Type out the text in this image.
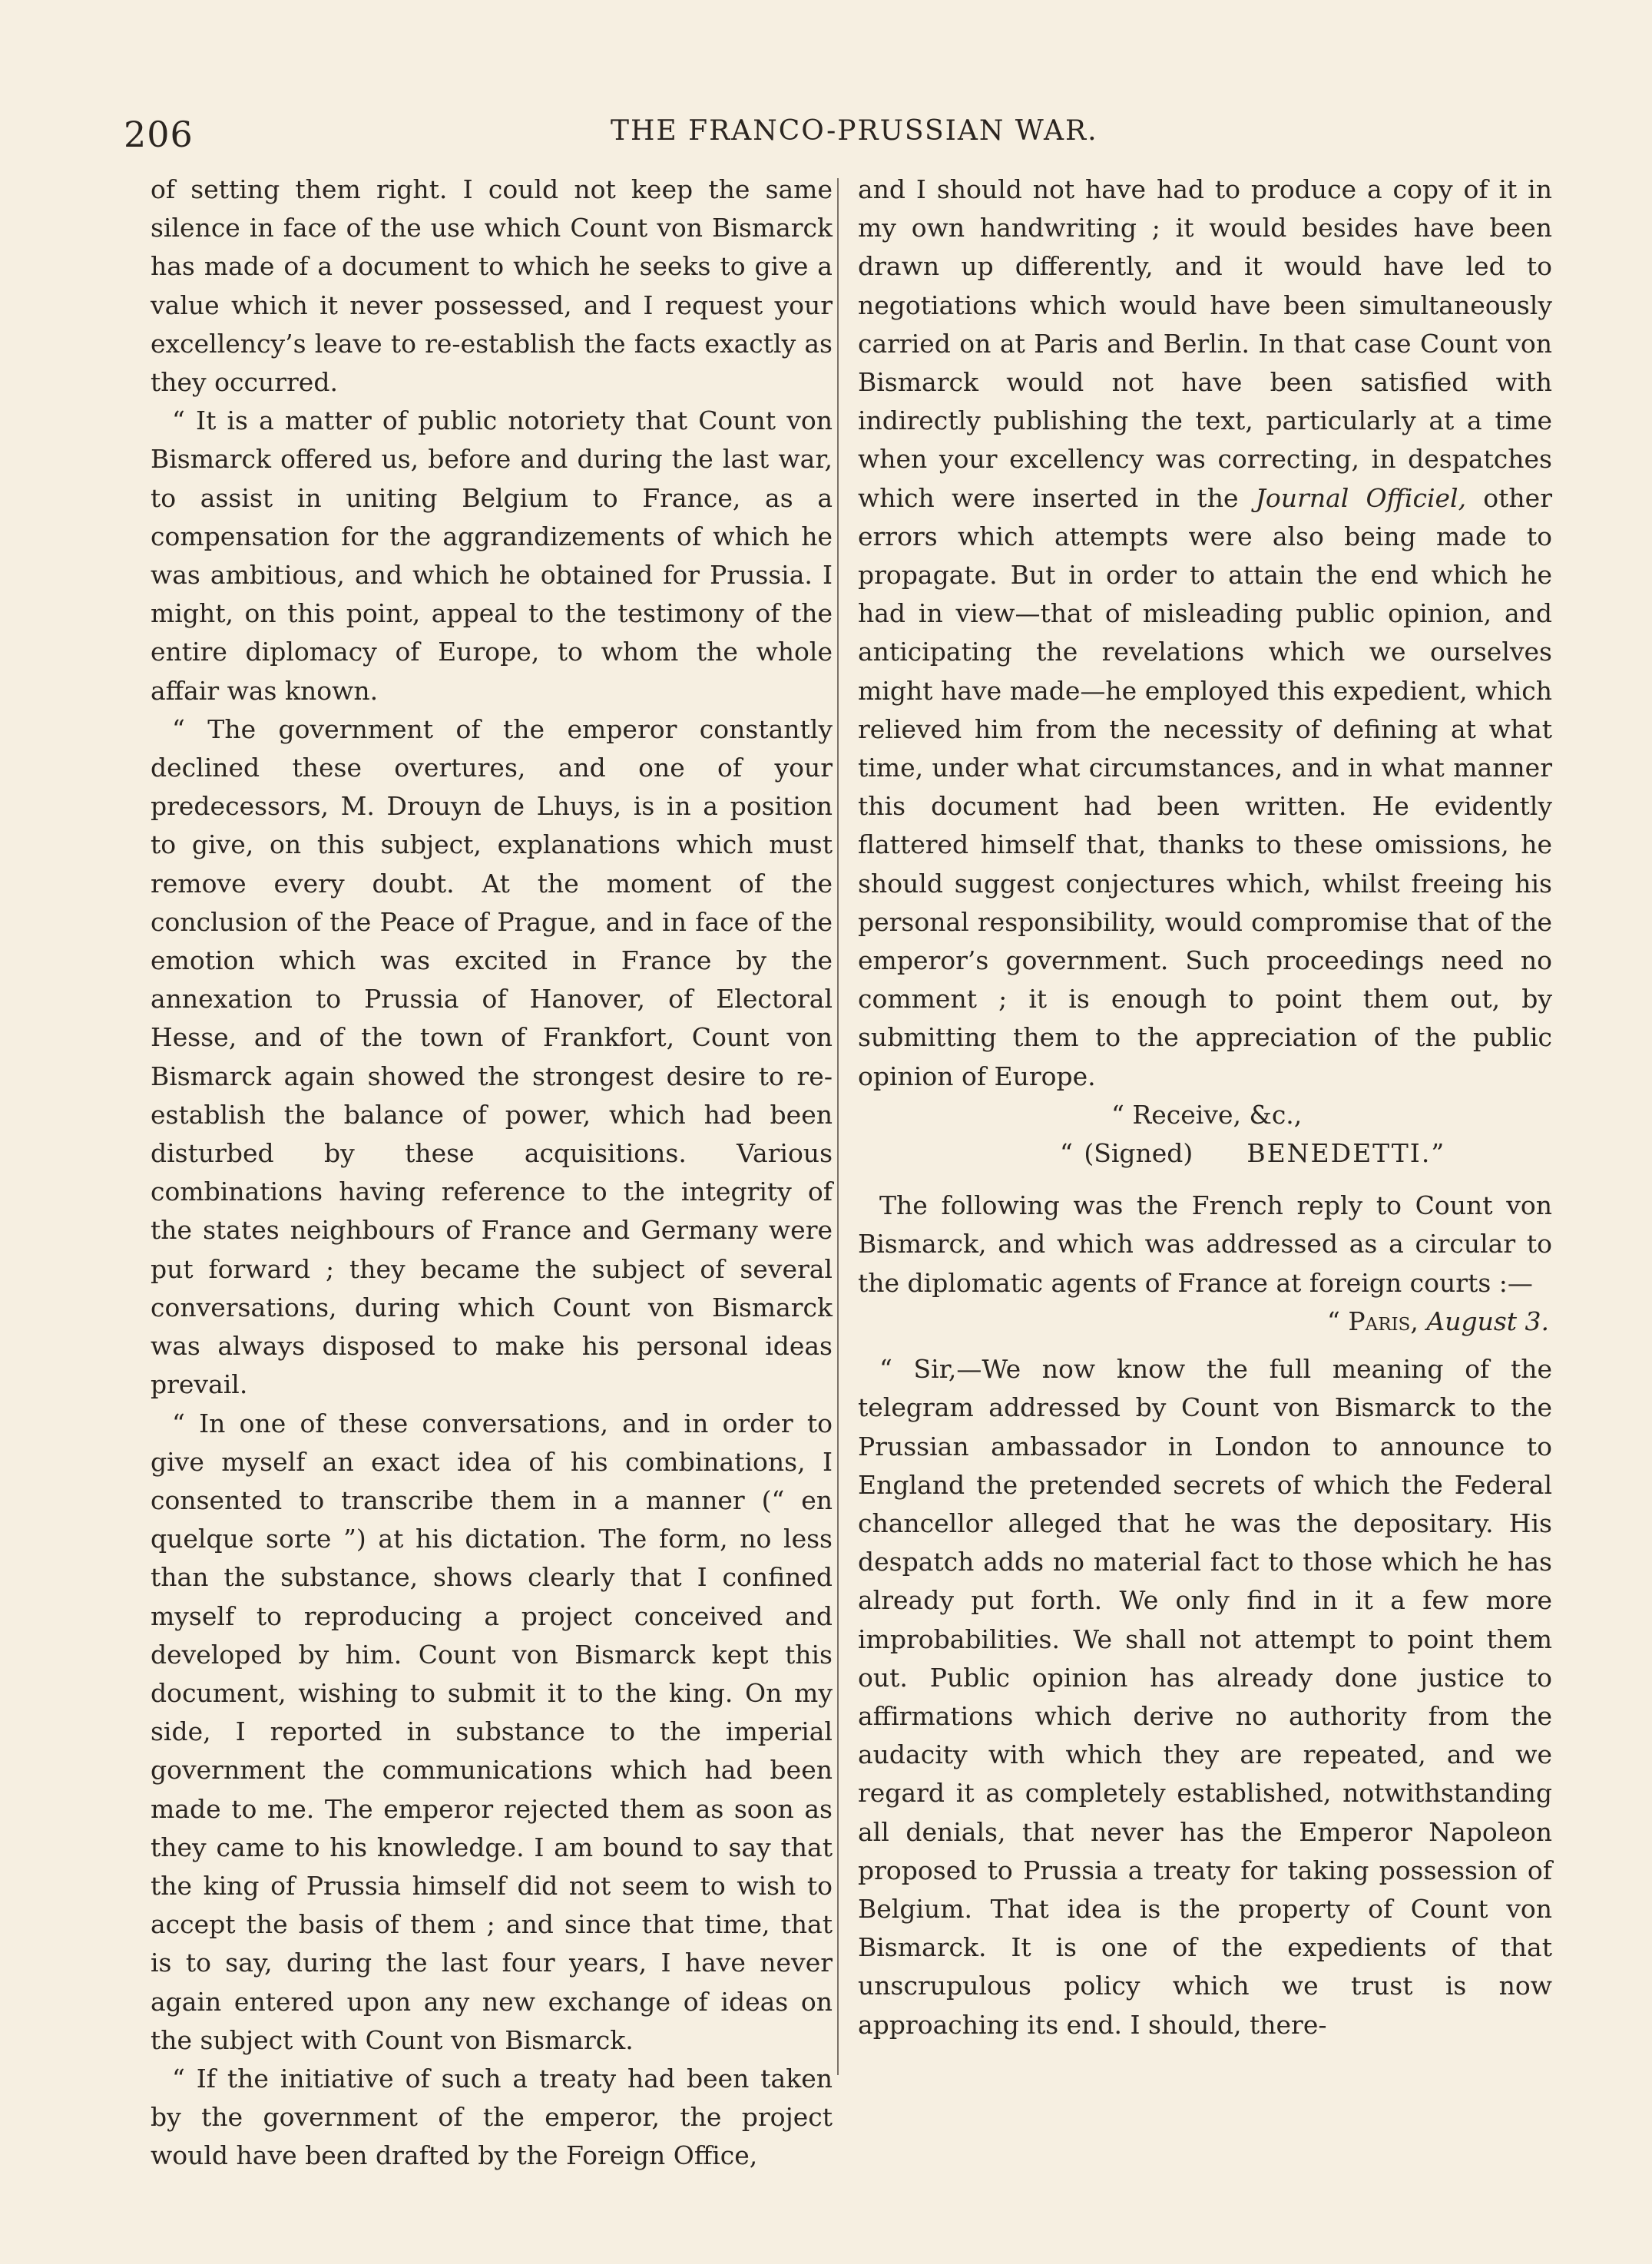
206	THE FRANCO-PRUSSIAN WAR.

of setting them right. I could not keep the same silence in face of the use which Count von Bismarck has made of a document to which he seeks to give a value which it never possessed, and I request your excellency’s leave to re-establish the facts exactly as they occurred.

“ It is a matter of public notoriety that Count von Bismarck offered us, before and during the last war, to assist in uniting Belgium to France, as a compensation for the aggrandizements of which he was ambitious, and which he obtained for Prussia. I might, on this point, appeal to the testimony of the entire diplomacy of Europe, to whom the whole affair was known.

“ The government of the emperor constantly declined these overtures, and one of your predecessors, M. Drouyn de Lhuys, is in a position to give, on this subject, explanations which must remove every doubt. At the moment of the conclusion of the Peace of Prague, and in face of the emotion which was excited in France by the annexation to Prussia of Hanover, of Electoral Hesse, and of the town of Frankfort, Count von Bismarck again showed the strongest desire to re-establish the balance of power, which had been disturbed by these acquisitions. Various combinations having reference to the integrity of the states neighbours of France and Germany were put forward ; they became the subject of several conversations, during which Count von Bismarck was always disposed to make his personal ideas prevail.

“ In one of these conversations, and in order to give myself an exact idea of his combinations, I consented to transcribe them in a manner (“ en quelque sorte ”) at his dictation. The form, no less than the substance, shows clearly that I confined myself to reproducing a project conceived and developed by him. Count von Bismarck kept this document, wishing to submit it to the king. On my side, I reported in substance to the imperial government the communications which had been made to me. The emperor rejected them as soon as they came to his knowledge. I am bound to say that the king of Prussia himself did not seem to wish to accept the basis of them ; and since that time, that is to say, during the last four years, I have never again entered upon any new exchange of ideas on the subject with Count von Bismarck.

“ If the initiative of such a treaty had been taken by the government of the emperor, the project would have been drafted by the Foreign Office,

and I should not have had to produce a copy of it in my own handwriting ; it would besides have been drawn up differently, and it would have led to negotiations which would have been simultaneously carried on at Paris and Berlin. In that case Count von Bismarck would not have been satisfied with indirectly publishing the text, particularly at a time when your excellency was correcting, in despatches which were inserted in the Journal Officiel, other errors which attempts were also being made to propagate. But in order to attain the end which he had in view—that of misleading public opinion, and anticipating the revelations which we ourselves might have made—he employed this expedient, which relieved him from the necessity of defining at what time, under what circumstances, and in what manner this document had been written. He evidently flattered himself that, thanks to these omissions, he should suggest conjectures which, whilst freeing his personal responsibility, would compromise that of the emperor’s government. Such proceedings need no comment ; it is enough to point them out, by submitting them to the appreciation of the public opinion of Europe.

“ Receive, &c.,

“ (Signed) BENEDETTI.”

The following was the French reply to Count von Bismarck, and which was addressed as a circular to the diplomatic agents of France at foreign courts :—

“ Paris, August 3.

“ Sir,—We now know the full meaning of the telegram addressed by Count von Bismarck to the Prussian ambassador in London to announce to England the pretended secrets of which the Federal chancellor alleged that he was the depositary. His despatch adds no material fact to those which he has already put forth. We only find in it a few more improbabilities. We shall not attempt to point them out. Public opinion has already done justice to affirmations which derive no authority from the audacity with which they are repeated, and we regard it as completely established, notwithstanding all denials, that never has the Emperor Napoleon proposed to Prussia a treaty for taking possession of Belgium. That idea is the property of Count von Bismarck. It is one of the expedients of that unscrupulous policy which we trust is now approaching its end. I should, there-
